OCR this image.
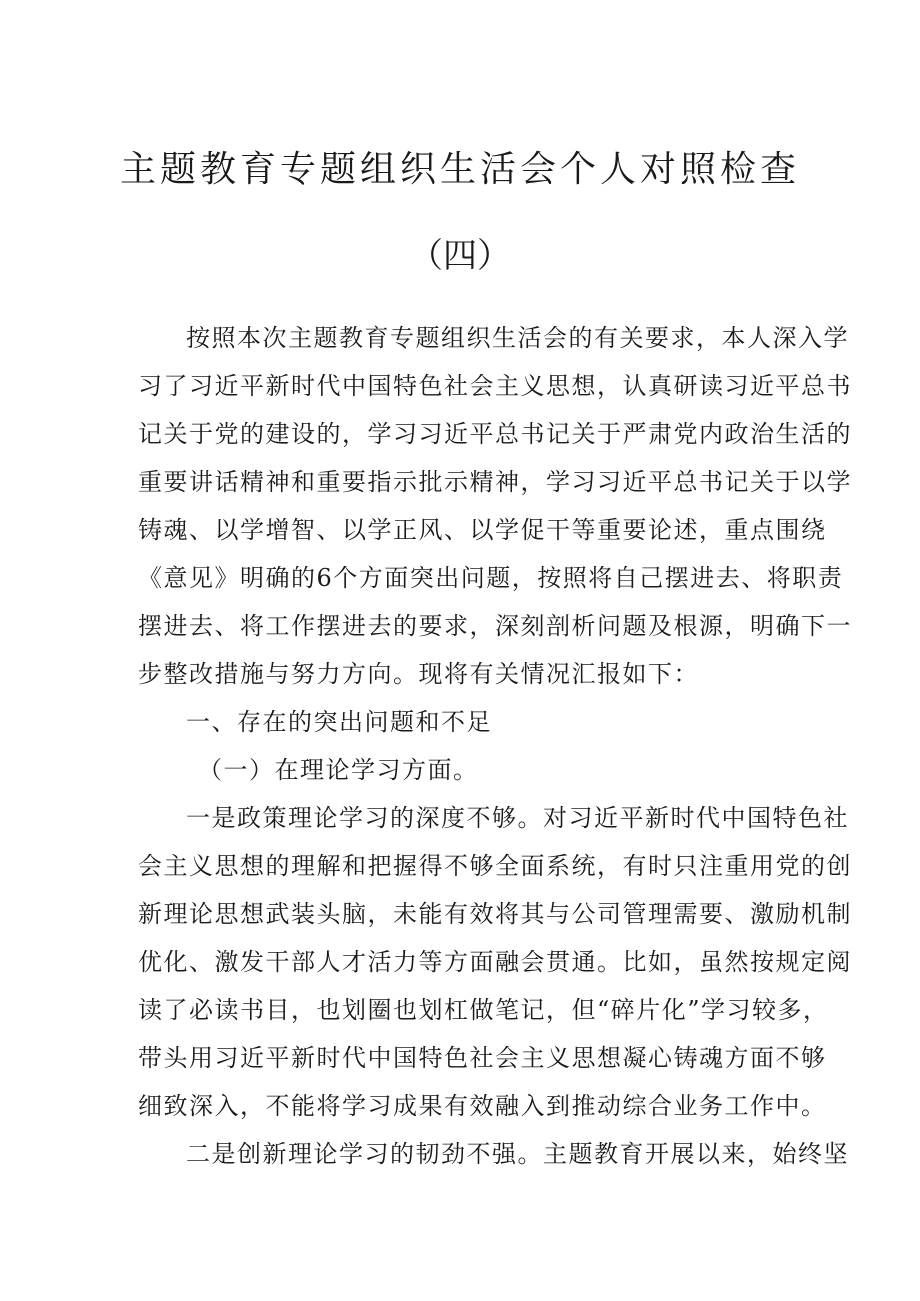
主题教育专题组织生活会个人对照检查
（四）

按照本次主题教育专题组织生活会的有关要求，本人深入学
习了习近平新时代中国特色社会主义思想，认真研读习近平总书
记关于党的建设的，学习习近平总书记关于严肃党内政治生活的
重要讲话精神和重要指示批示精神，学习习近平总书记关于以学
铸魂、以学增智、以学正风、以学促干等重要论述，重点围绕
《意见》明确的6个方面突出问题，按照将自己摆进去、将职责
摆进去、将工作摆进去的要求，深刻剖析问题及根源，明确下一
步整改措施与努力方向。现将有关情况汇报如下：

一、存在的突出问题和不足

（一）在理论学习方面。

一是政策理论学习的深度不够。对习近平新时代中国特色社
会主义思想的理解和把握得不够全面系统，有时只注重用党的创
新理论思想武装头脑，未能有效将其与公司管理需要、激励机制
优化、激发干部人才活力等方面融会贯通。比如，虽然按规定阅
读了必读书目，也划圈也划杠做笔记，但“碎片化”学习较多，
带头用习近平新时代中国特色社会主义思想凝心铸魂方面不够
细致深入，不能将学习成果有效融入到推动综合业务工作中。

二是创新理论学习的韧劲不强。主题教育开展以来，始终坚
